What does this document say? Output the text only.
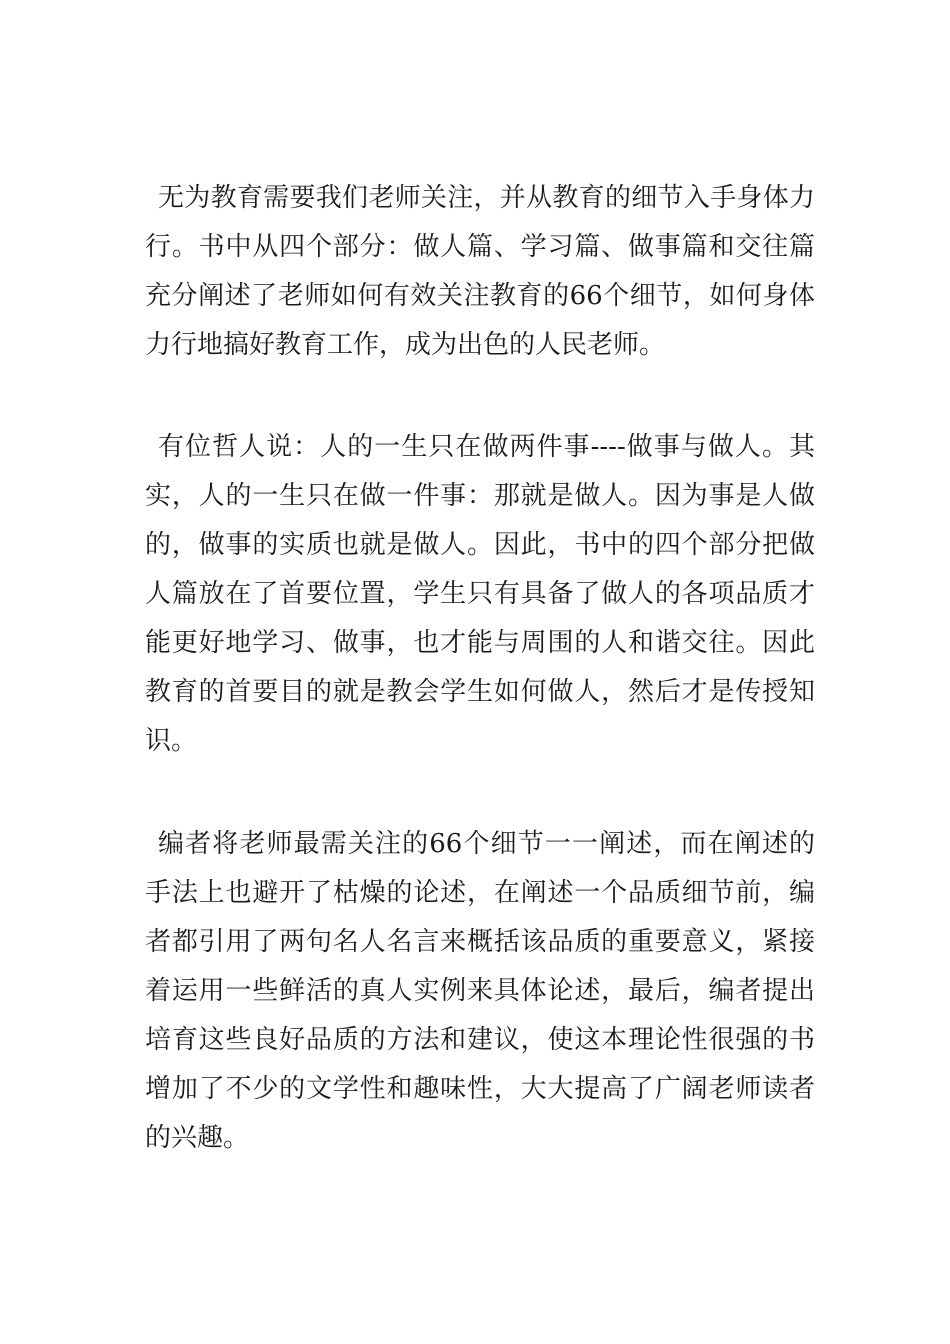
无为教育需要我们老师关注，并从教育的细节入手身体力行。书中从四个部分：做人篇、学习篇、做事篇和交往篇充分阐述了老师如何有效关注教育的66个细节，如何身体力行地搞好教育工作，成为出色的人民老师。

有位哲人说：人的一生只在做两件事----做事与做人。其实，人的一生只在做一件事：那就是做人。因为事是人做的，做事的实质也就是做人。因此，书中的四个部分把做人篇放在了首要位置，学生只有具备了做人的各项品质才能更好地学习、做事，也才能与周围的人和谐交往。因此教育的首要目的就是教会学生如何做人，然后才是传授知识。

编者将老师最需关注的66个细节一一阐述，而在阐述的手法上也避开了枯燥的论述，在阐述一个品质细节前，编者都引用了两句名人名言来概括该品质的重要意义，紧接着运用一些鲜活的真人实例来具体论述，最后，编者提出培育这些良好品质的方法和建议，使这本理论性很强的书增加了不少的文学性和趣味性，大大提高了广阔老师读者的兴趣。
